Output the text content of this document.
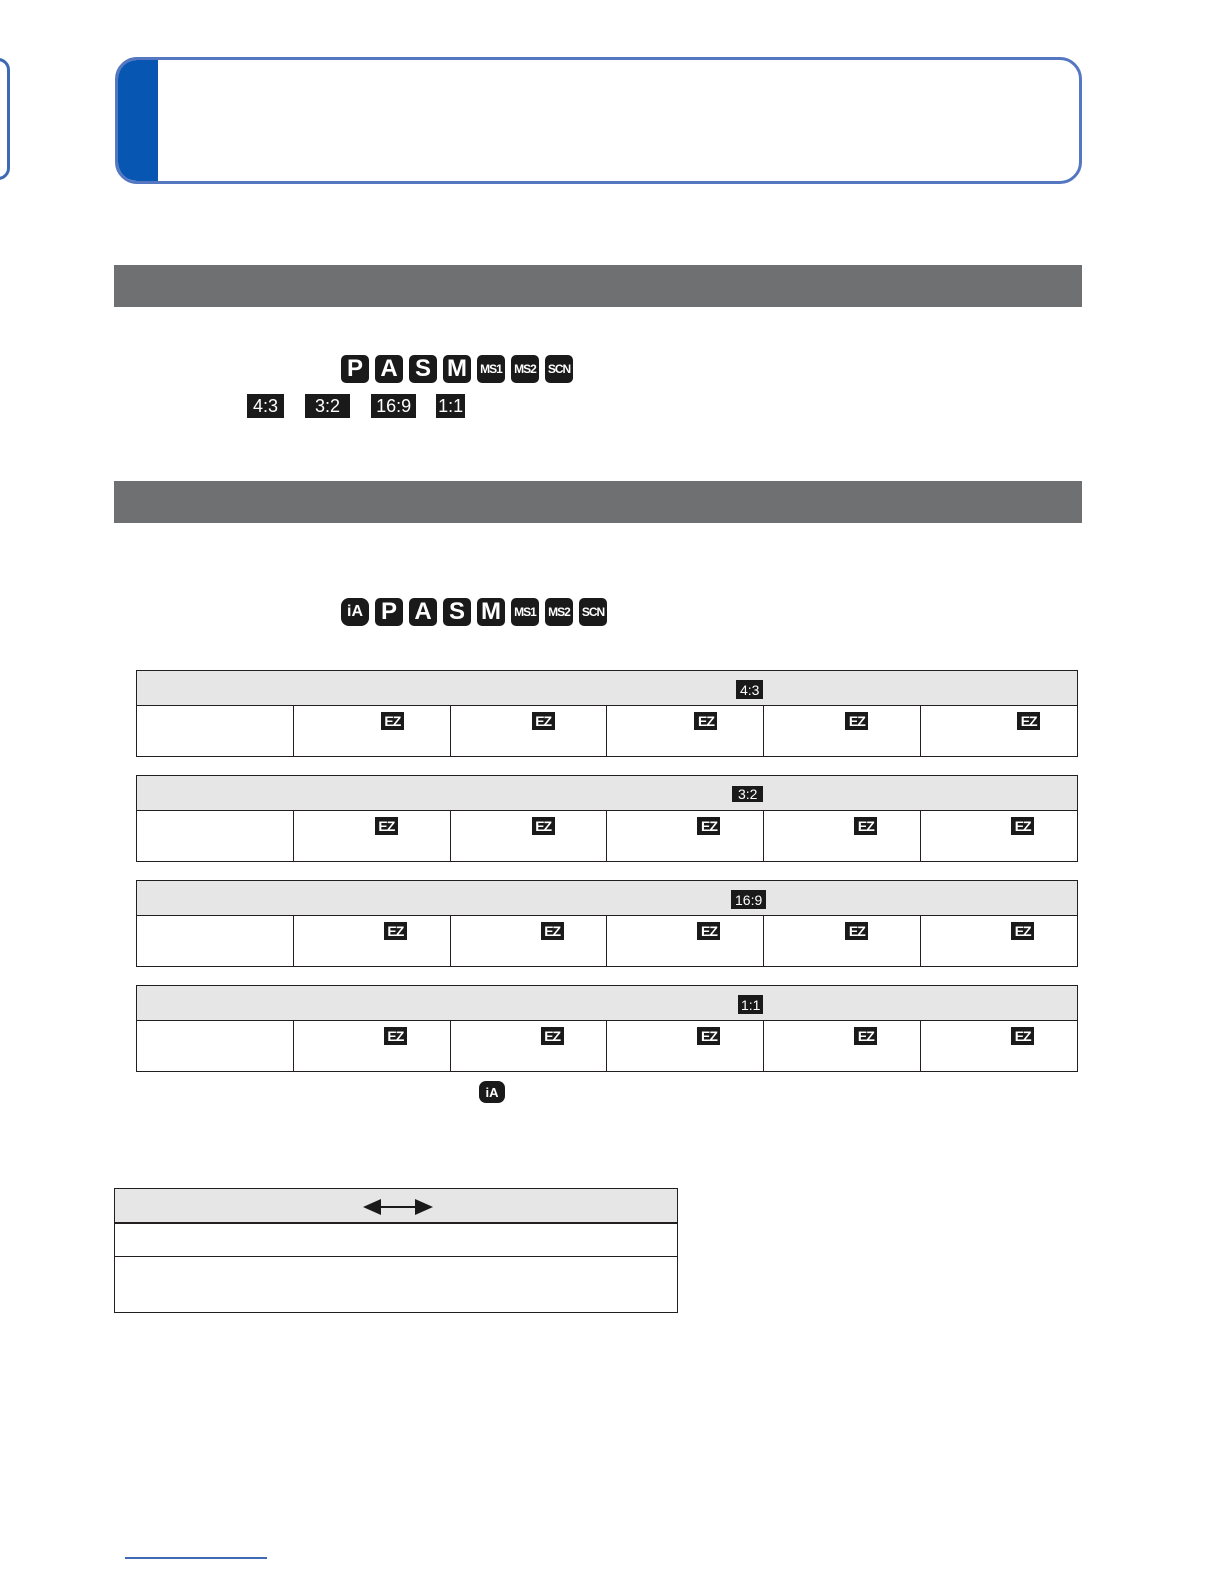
P A S M	MS1 MS2 SCN
4:3	3:2	16:9 1:1
iA P A S M	MS1 MS2 SCN
4:3
EZ	EZ	EZ	EZ	EZ
3:2
EZ	EZ	EZ	EZ	EZ
16:9
EZ	EZ	EZ	EZ	EZ
1:1
EZ	EZ	EZ	EZ	EZ
iA
